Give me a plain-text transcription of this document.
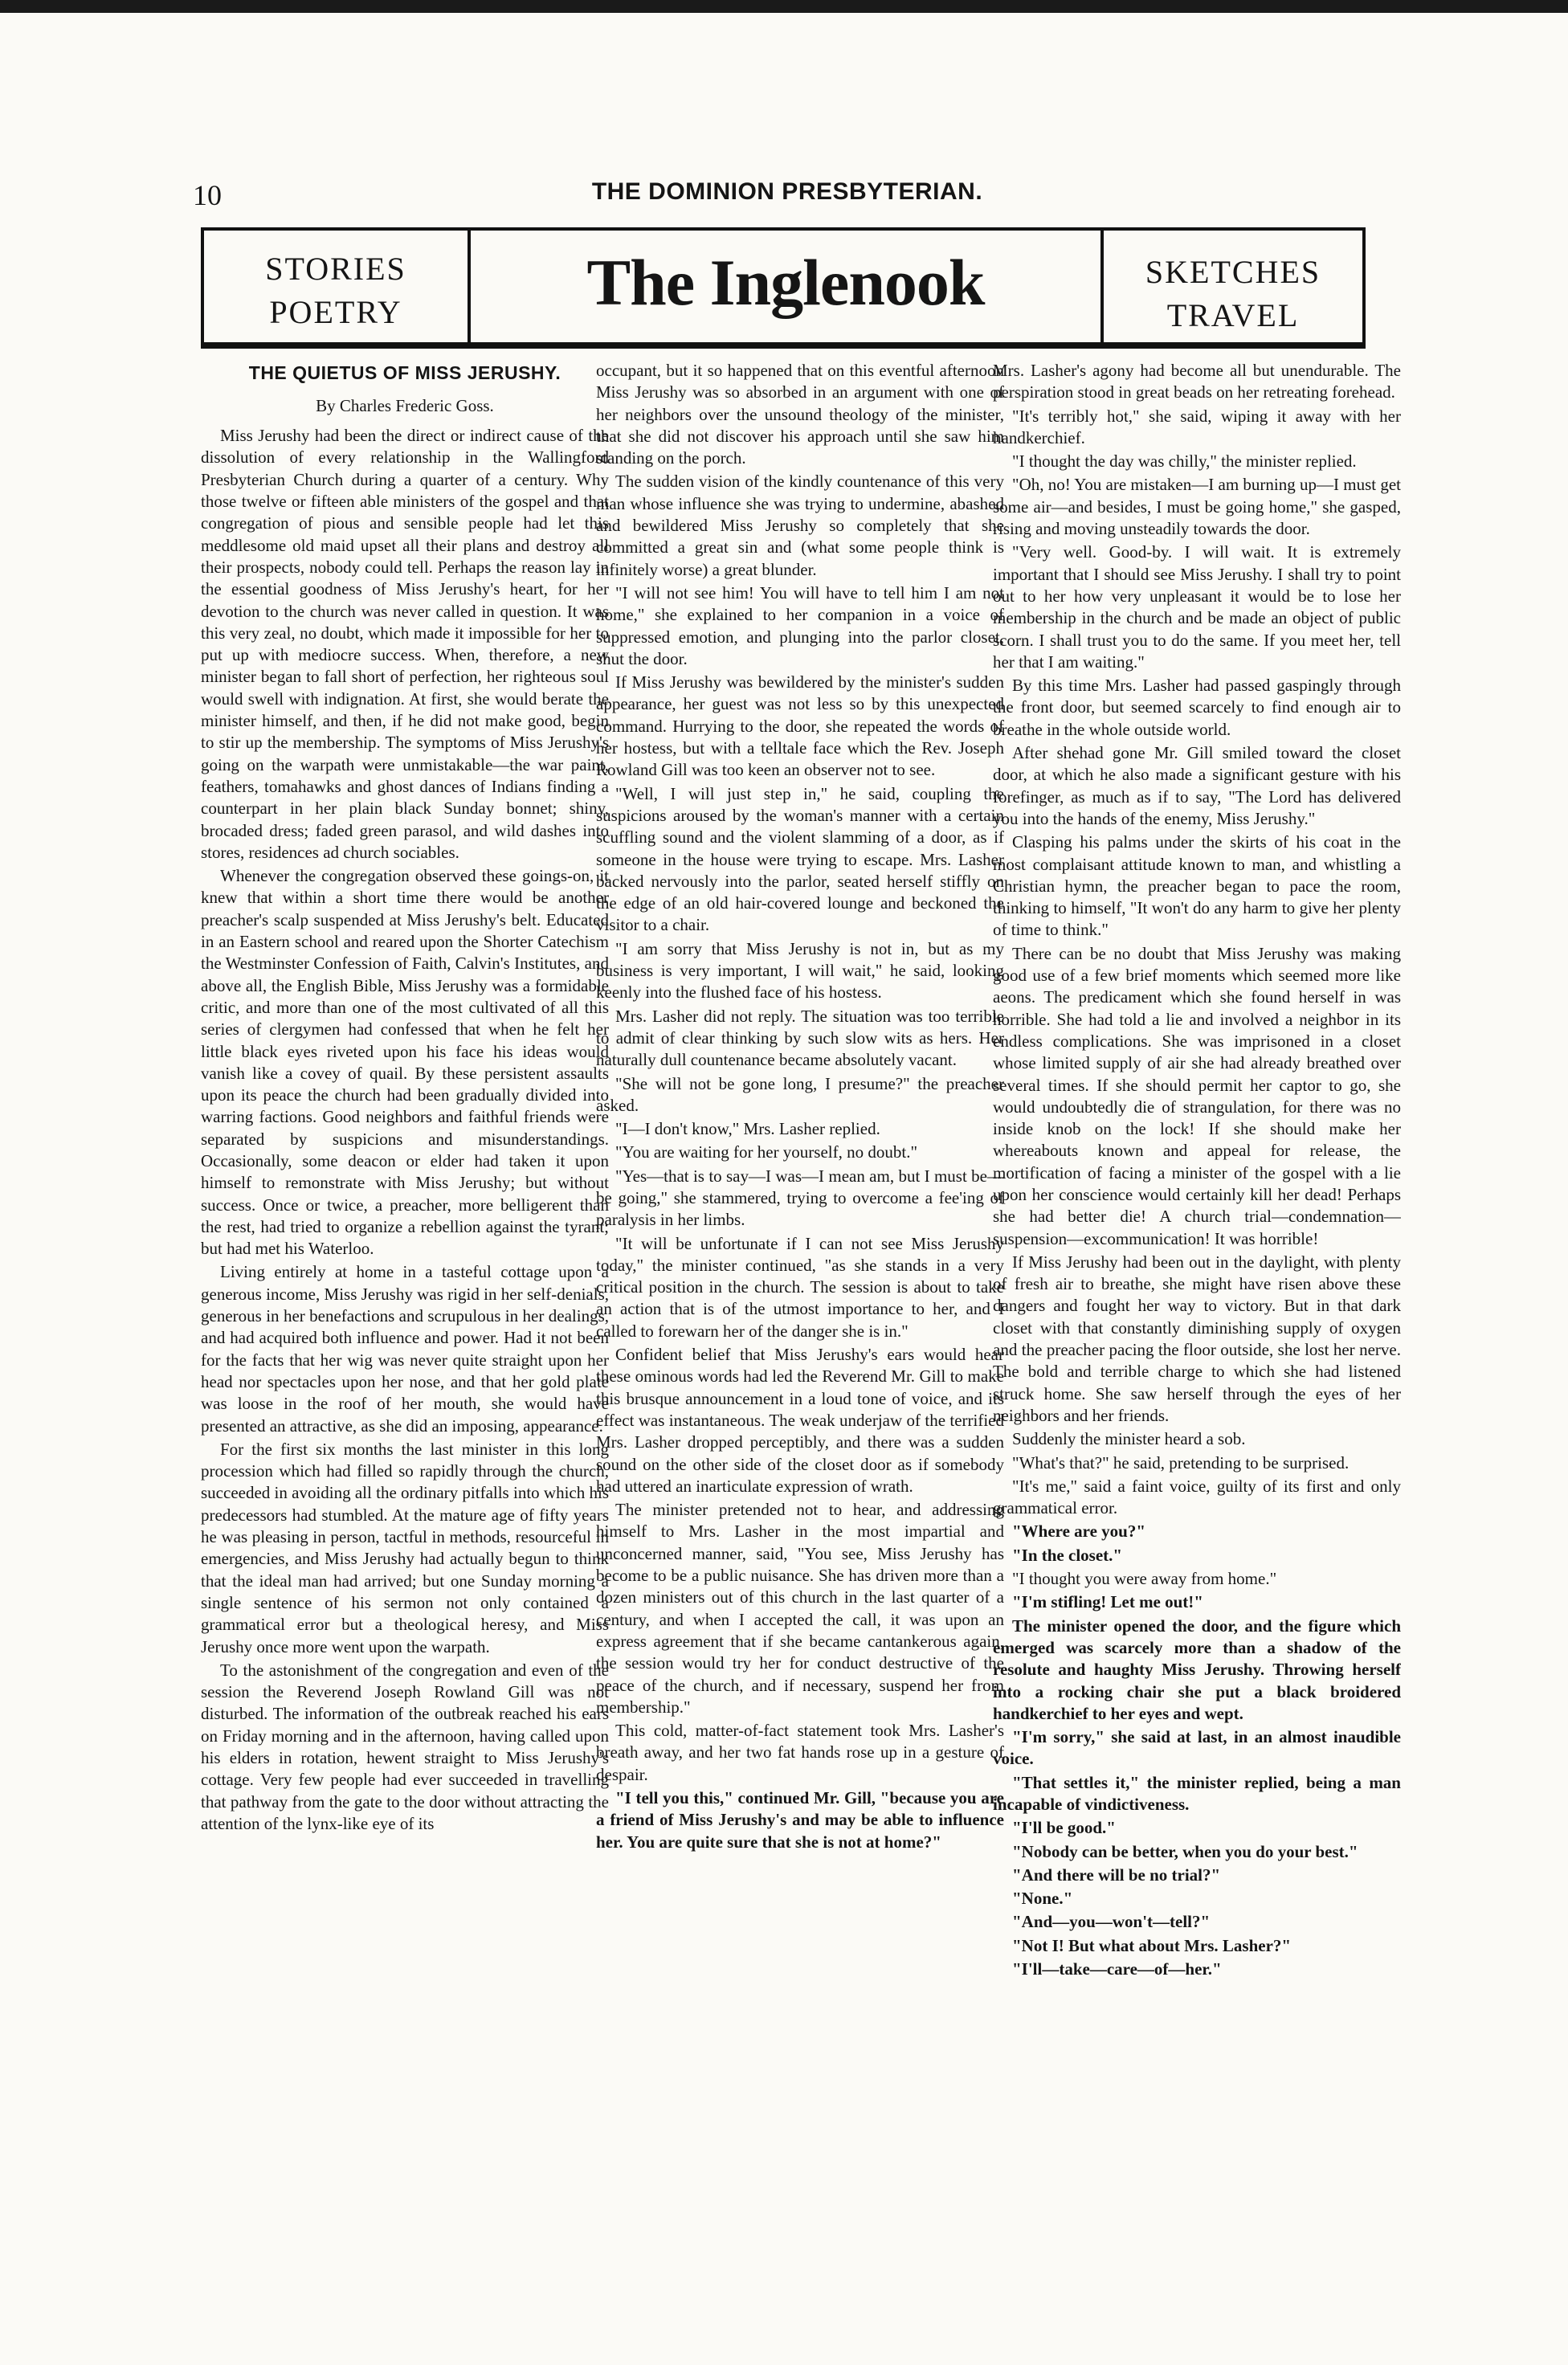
10	THE DOMINION PRESBYTERIAN.
STORIES
POETRY	The Inglenook	SKETCHES
TRAVEL
THE QUIETUS OF MISS JERUSHY.
By Charles Frederic Goss.

Miss Jerushy had been the direct or indirect cause of the dissolution of every relationship in the Wallingford Presbyterian Church during a quarter of a century. Why those twelve or fifteen able ministers of the gospel and that congregation of pious and sensible people had let this meddlesome old maid upset all their plans and destroy all their prospects, nobody could tell. Perhaps the reason lay in the essential goodness of Miss Jerushy's heart, for her devotion to the church was never called in question. It was this very zeal, no doubt, which made it impossible for her to put up with mediocre success. When, therefore, a new minister began to fall short of perfection, her righteous soul would swell with indignation. At first, she would berate the minister himself, and then, if he did not make good, begin to stir up the membership. The symptoms of Miss Jerushy's going on the warpath were unmistakable—the war paint, feathers, tomahawks and ghost dances of Indians finding a counterpart in her plain black Sunday bonnet; shiny, brocaded dress; faded green parasol, and wild dashes into stores, residences ad church sociables.

Whenever the congregation observed these goings-on, it knew that within a short time there would be another preacher's scalp suspended at Miss Jerushy's belt. Educated in an Eastern school and reared upon the Shorter Catechism the Westminster Confession of Faith, Calvin's Institutes, and above all, the English Bible, Miss Jerushy was a formidable critic, and more than one of the most cultivated of all this series of clergymen had confessed that when he felt her little black eyes riveted upon his face his ideas would vanish like a covey of quail. By these persistent assaults upon its peace the church had been gradually divided into warring factions. Good neighbors and faithful friends were separated by suspicions and misunderstandings. Occasionally, some deacon or elder had taken it upon himself to remonstrate with Miss Jerushy; but without success. Once or twice, a preacher, more belligerent than the rest, had tried to organize a rebellion against the tyrant; but had met his Waterloo.

Living entirely at home in a tasteful cottage upon a generous income, Miss Jerushy was rigid in her self-denials, generous in her benefactions and scrupulous in her dealings, and had acquired both influence and power. Had it not been for the facts that her wig was never quite straight upon her head nor spectacles upon her nose, and that her gold plate was loose in the roof of her mouth, she would have presented an attractive, as she did an imposing, appearance.

For the first six months the last minister in this long procession which had filled so rapidly through the church, succeeded in avoiding all the ordinary pitfalls into which his predecessors had stumbled. At the mature age of fifty years he was pleasing in person, tactful in methods, resourceful in emergencies, and Miss Jerushy had actually begun to think that the ideal man had arrived; but one Sunday morning a single sentence of his sermon not only contained a grammatical error but a theological heresy, and Miss Jerushy once more went upon the warpath.

To the astonishment of the congregation and even of the session the Reverend Joseph Rowland Gill was not disturbed. The information of the outbreak reached his ears on Friday morning and in the afternoon, having called upon his elders in rotation, hewent straight to Miss Jerushy's cottage. Very few people had ever succeeded in travelling that pathway from the gate to the door without attracting the attention of the lynx-like eye of its

occupant, but it so happened that on this eventful afternoon Miss Jerushy was so absorbed in an argument with one of her neighbors over the unsound theology of the minister, that she did not discover his approach until she saw him standing on the porch.

The sudden vision of the kindly countenance of this very man whose influence she was trying to undermine, abashed and bewildered Miss Jerushy so completely that she committed a great sin and (what some people think is infinitely worse) a great blunder.

"I will not see him! You will have to tell him I am not home," she explained to her companion in a voice of suppressed emotion, and plunging into the parlor closet, shut the door.

If Miss Jerushy was bewildered by the minister's sudden appearance, her guest was not less so by this unexpected command. Hurrying to the door, she repeated the words of her hostess, but with a telltale face which the Rev. Joseph Rowland Gill was too keen an observer not to see.

"Well, I will just step in," he said, coupling the suspicions aroused by the woman's manner with a certain scuffling sound and the violent slamming of a door, as if someone in the house were trying to escape. Mrs. Lasher backed nervously into the parlor, seated herself stiffly on the edge of an old hair-covered lounge and beckoned the visitor to a chair.

"I am sorry that Miss Jerushy is not in, but as my business is very important, I will wait," he said, looking keenly into the flushed face of his hostess.

Mrs. Lasher did not reply. The situation was too terrible to admit of clear thinking by such slow wits as hers. Her naturally dull countenance became absolutely vacant.

"She will not be gone long, I presume?" the preacher asked.

"I—I don't know," Mrs. Lasher replied.

"You are waiting for her yourself, no doubt."

"Yes—that is to say—I was—I mean am, but I must be—be going," she stammered, trying to overcome a fee'ing of paralysis in her limbs.

"It will be unfortunate if I can not see Miss Jerushy today," the minister continued, "as she stands in a very critical position in the church. The session is about to take an action that is of the utmost importance to her, and I called to forewarn her of the danger she is in."

Confident belief that Miss Jerushy's ears would hear these ominous words had led the Reverend Mr. Gill to make this brusque announcement in a loud tone of voice, and its effect was instantaneous. The weak underjaw of the terrified Mrs. Lasher dropped perceptibly, and there was a sudden sound on the other side of the closet door as if somebody had uttered an inarticulate expression of wrath.

The minister pretended not to hear, and addressing himself to Mrs. Lasher in the most impartial and unconcerned manner, said, "You see, Miss Jerushy has become to be a public nuisance. She has driven more than a dozen ministers out of this church in the last quarter of a century, and when I accepted the call, it was upon an express agreement that if she became cantankerous again, the session would try her for conduct destructive of the peace of the church, and if necessary, suspend her from membership."

This cold, matter-of-fact statement took Mrs. Lasher's breath away, and her two fat hands rose up in a gesture of despair.

"I tell you this," continued Mr. Gill, "because you are a friend of Miss Jerushy's and may be able to influence her. You are quite sure that she is not at home?"

Mrs. Lasher's agony had become all but unendurable. The perspiration stood in great beads on her retreating forehead.

"It's terribly hot," she said, wiping it away with her handkerchief.

"I thought the day was chilly," the minister replied.

"Oh, no! You are mistaken—I am burning up—I must get some air—and besides, I must be going home," she gasped, rising and moving unsteadily towards the door.

"Very well. Good-by. I will wait. It is extremely important that I should see Miss Jerushy. I shall try to point out to her how very unpleasant it would be to lose her membership in the church and be made an object of public scorn. I shall trust you to do the same. If you meet her, tell her that I am waiting."

By this time Mrs. Lasher had passed gaspingly through the front door, but seemed scarcely to find enough air to breathe in the whole outside world.

After shehad gone Mr. Gill smiled toward the closet door, at which he also made a significant gesture with his forefinger, as much as if to say, "The Lord has delivered you into the hands of the enemy, Miss Jerushy."

Clasping his palms under the skirts of his coat in the most complaisant attitude known to man, and whistling a Christian hymn, the preacher began to pace the room, thinking to himself, "It won't do any harm to give her plenty of time to think."

There can be no doubt that Miss Jerushy was making good use of a few brief moments which seemed more like aeons. The predicament which she found herself in was horrible. She had told a lie and involved a neighbor in its endless complications. She was imprisoned in a closet whose limited supply of air she had already breathed over several times. If she should permit her captor to go, she would undoubtedly die of strangulation, for there was no inside knob on the lock! If she should make her whereabouts known and appeal for release, the mortification of facing a minister of the gospel with a lie upon her conscience would certainly kill her dead! Perhaps she had better die! A church trial—condemnation—suspension—excommunication! It was horrible!

If Miss Jerushy had been out in the daylight, with plenty of fresh air to breathe, she might have risen above these dangers and fought her way to victory. But in that dark closet with that constantly diminishing supply of oxygen and the preacher pacing the floor outside, she lost her nerve. The bold and terrible charge to which she had listened struck home. She saw herself through the eyes of her neighbors and her friends.

Suddenly the minister heard a sob.

"What's that?" he said, pretending to be surprised.

"It's me," said a faint voice, guilty of its first and only grammatical error.

"Where are you?"

"In the closet."

"I thought you were away from home."

"I'm stifling! Let me out!"

The minister opened the door, and the figure which emerged was scarcely more than a shadow of the resolute and haughty Miss Jerushy. Throwing herself into a rocking chair she put a black broidered handkerchief to her eyes and wept.

"I'm sorry," she said at last, in an almost inaudible voice.

"That settles it," the minister replied, being a man incapable of vindictiveness.

"I'll be good."

"Nobody can be better, when you do your best."

"And there will be no trial?"

"None."

"And—you—won't—tell?"

"Not I! But what about Mrs. Lasher?"

"I'll—take—care—of—her."
